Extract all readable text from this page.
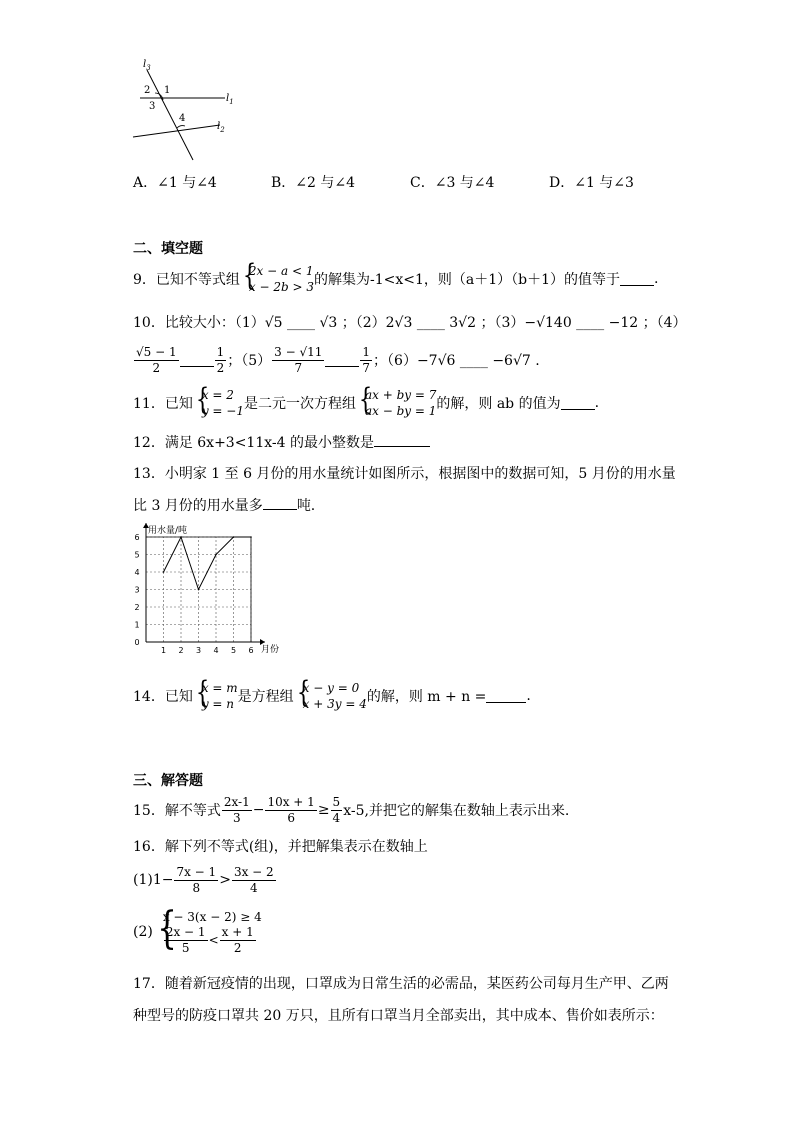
$l_3$
$l_1$
$l_2$
1
2
3
4
A．∠1 与∠4	B．∠2 与∠4	C．∠3 与∠4	D．∠1 与∠3
二、填空题
9．已知不等式组 {
2x − a < 1
x − 2b > 3 的解集为-1<x<1，则（a＋1）（b＋1）的值等于 .
10．比较大小：（1）√5 ____ √3 ；（2）2√3 ____ 3√2 ；（3）−√140 ____ −12 ；（4）
$\frac{√5 - 1}{2}$	$\frac{1}{2}$ ；$(5) \frac{3 - √11}{7}$	$\frac{1}{7}$ ；（6）−7√6 ____ −6√7 .
11．已知 {
x = 2
y = −1 是二元一次方程组 {
ax + by = 7
ax − by = 1 的解，则 ab 的值为 .
12．满足 6x+3<11x-4 的最小整数是
13．小明家 1 至 6 月份的用水量统计如图所示，根据图中的数据可知，5 月份的用水量
比 3 月份的用水量多 吨.
0
1
2
3
4
5
6
1 2 3 4 5 6
用水量/吨
月份
14．已知 {
x = m
y = n 是方程组 {
x − y = 0
x + 3y = 4 的解，则 m + n =	.
三、解答题
15．解不等式 $\frac{2x-1}{3} - \frac{10x + 1}{6} \ge \frac{5}{4} x-5$,并把它的解集在数轴上表示出来.
16．解下列不等式(组)，并把解集表示在数轴上
$(1)1- \frac{7x - 1}{8} > \frac{3x - 2}{4}$
(2) {
x − 3(x − 2) ≥ 4
$\frac{2x - 1}{5} < \frac{x + 1}{2}$
17．随着新冠疫情的出现，口罩成为日常生活的必需品，某医药公司每月生产甲、乙两
种型号的防疫口罩共 20 万只，且所有口罩当月全部卖出，其中成本、售价如表所示：
